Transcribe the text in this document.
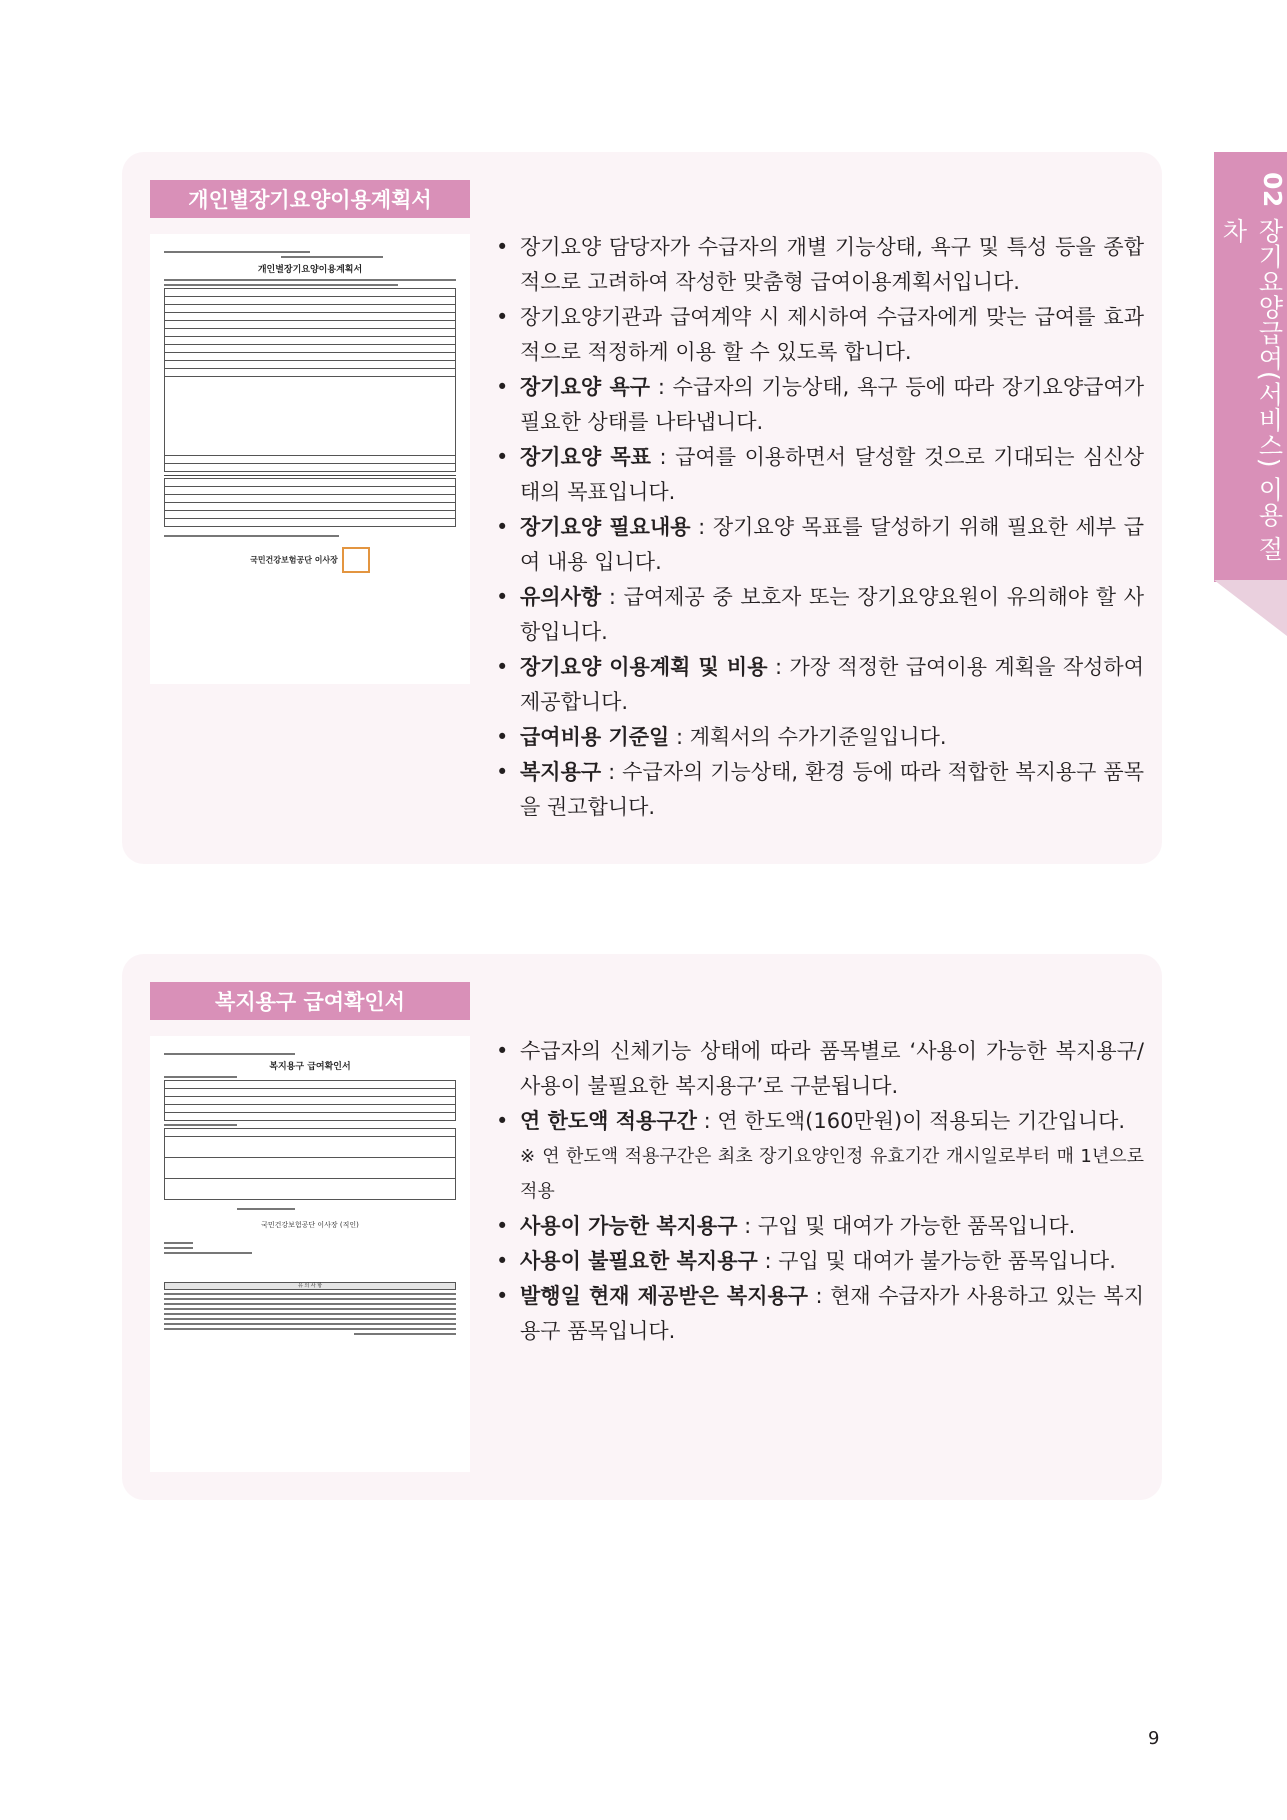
02
장기요양급여(서비스) 이용 절차
개인별장기요양이용계획서
개인별장기요양이용계획서
국민건강보험공단 이사장
• 장기요양 담당자가 수급자의 개별 기능상태, 욕구 및 특성 등을 종합적으로 고려하여 작성한 맞춤형 급여이용계획서입니다.
• 장기요양기관과 급여계약 시 제시하여 수급자에게 맞는 급여를 효과적으로 적정하게 이용 할 수 있도록 합니다.
• 장기요양 욕구 : 수급자의 기능상태, 욕구 등에 따라 장기요양급여가 필요한 상태를 나타냅니다.
• 장기요양 목표 : 급여를 이용하면서 달성할 것으로 기대되는 심신상태의 목표입니다.
• 장기요양 필요내용 : 장기요양 목표를 달성하기 위해 필요한 세부 급여 내용 입니다.
• 유의사항 : 급여제공 중 보호자 또는 장기요양요원이 유의해야 할 사항입니다.
• 장기요양 이용계획 및 비용 : 가장 적정한 급여이용 계획을 작성하여 제공합니다.
• 급여비용 기준일 : 계획서의 수가기준일입니다.
• 복지용구 : 수급자의 기능상태, 환경 등에 따라 적합한 복지용구 품목을 권고합니다.
복지용구 급여확인서
복지용구 급여확인서
국민건강보험공단 이사장 (직인)
유 의 사 항
• 수급자의 신체기능 상태에 따라 품목별로 ‘사용이 가능한 복지용구/사용이 불필요한 복지용구’로 구분됩니다.
• 연 한도액 적용구간 : 연 한도액(160만원)이 적용되는 기간입니다.
※ 연 한도액 적용구간은 최초 장기요양인정 유효기간 개시일로부터 매 1년으로 적용
• 사용이 가능한 복지용구 : 구입 및 대여가 가능한 품목입니다.
• 사용이 불필요한 복지용구 : 구입 및 대여가 불가능한 품목입니다.
• 발행일 현재 제공받은 복지용구 : 현재 수급자가 사용하고 있는 복지용구 품목입니다.
9
